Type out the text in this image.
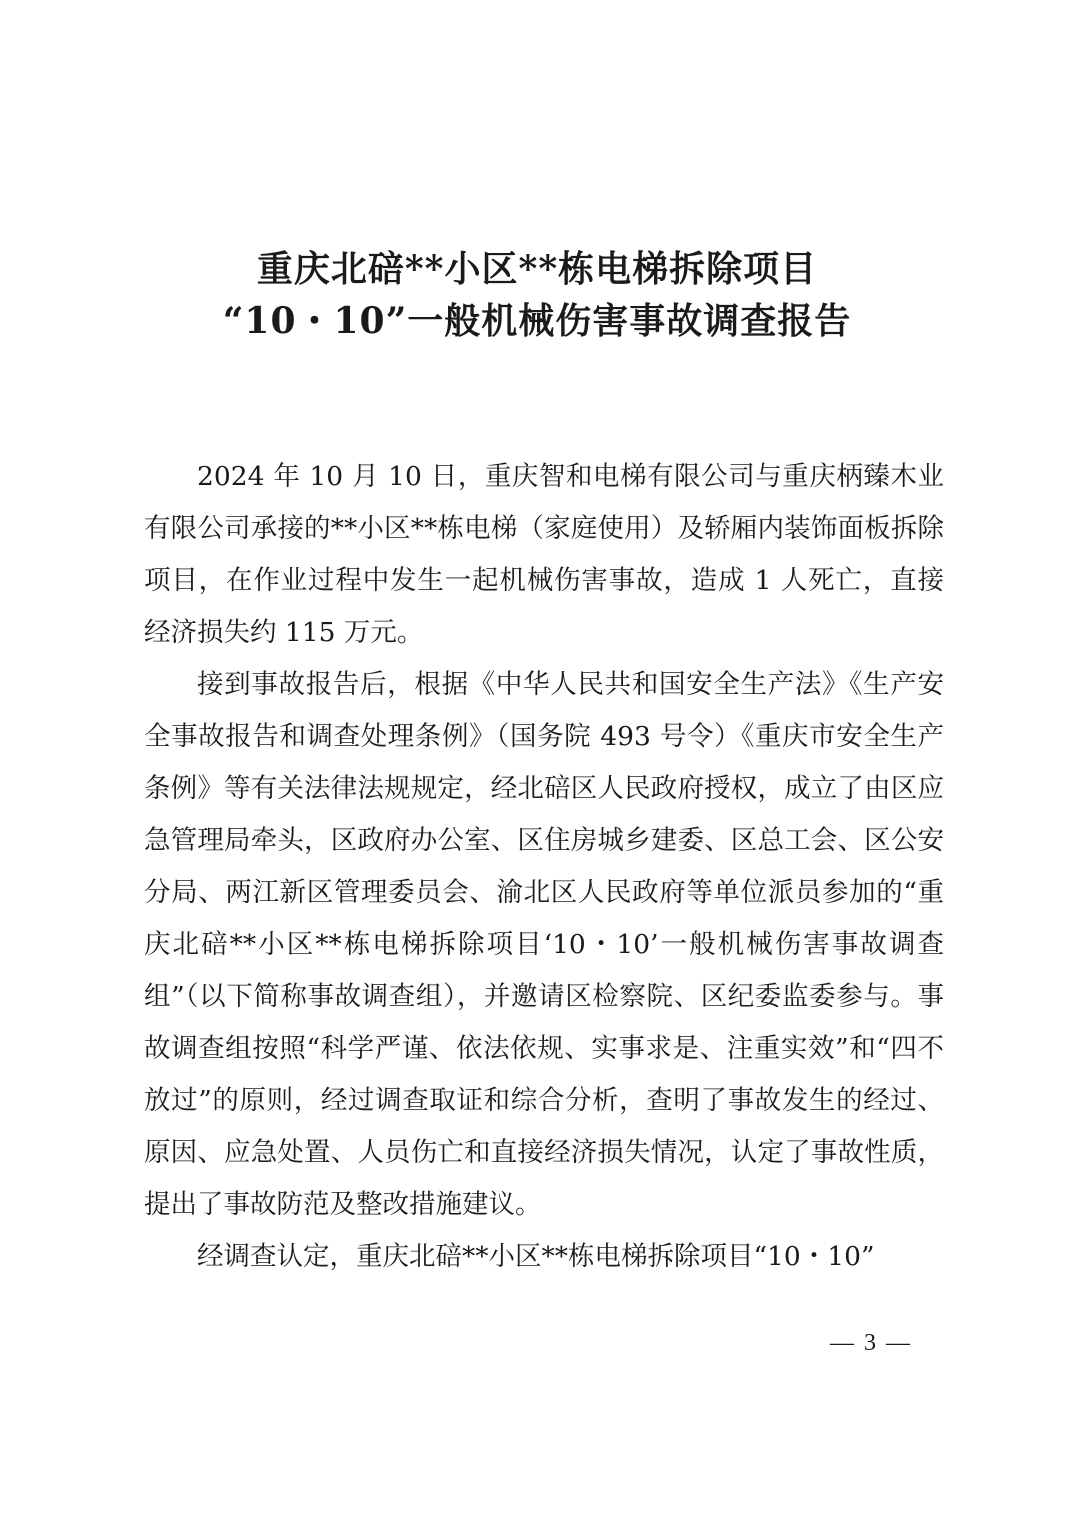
重庆北碚**小区**栋电梯拆除项目
“10・10”一般机械伤害事故调查报告

2024 年 10 月 10 日，重庆智和电梯有限公司与重庆柄臻木业有限公司承接的**小区**栋电梯（家庭使用）及轿厢内装饰面板拆除项目，在作业过程中发生一起机械伤害事故，造成 1 人死亡，直接经济损失约 115 万元。

接到事故报告后，根据《中华人民共和国安全生产法》《生产安全事故报告和调查处理条例》（国务院 493 号令）《重庆市安全生产条例》等有关法律法规规定，经北碚区人民政府授权，成立了由区应急管理局牵头，区政府办公室、区住房城乡建委、区总工会、区公安分局、两江新区管理委员会、渝北区人民政府等单位派员参加的“重庆北碚**小区**栋电梯拆除项目‘10・10’一般机械伤害事故调查组”（以下简称事故调查组），并邀请区检察院、区纪委监委参与。事故调查组按照“科学严谨、依法依规、实事求是、注重实效”和“四不放过”的原则，经过调查取证和综合分析，查明了事故发生的经过、原因、应急处置、人员伤亡和直接经济损失情况，认定了事故性质，提出了事故防范及整改措施建议。

经调查认定，重庆北碚**小区**栋电梯拆除项目“10・10”

— 3 —
